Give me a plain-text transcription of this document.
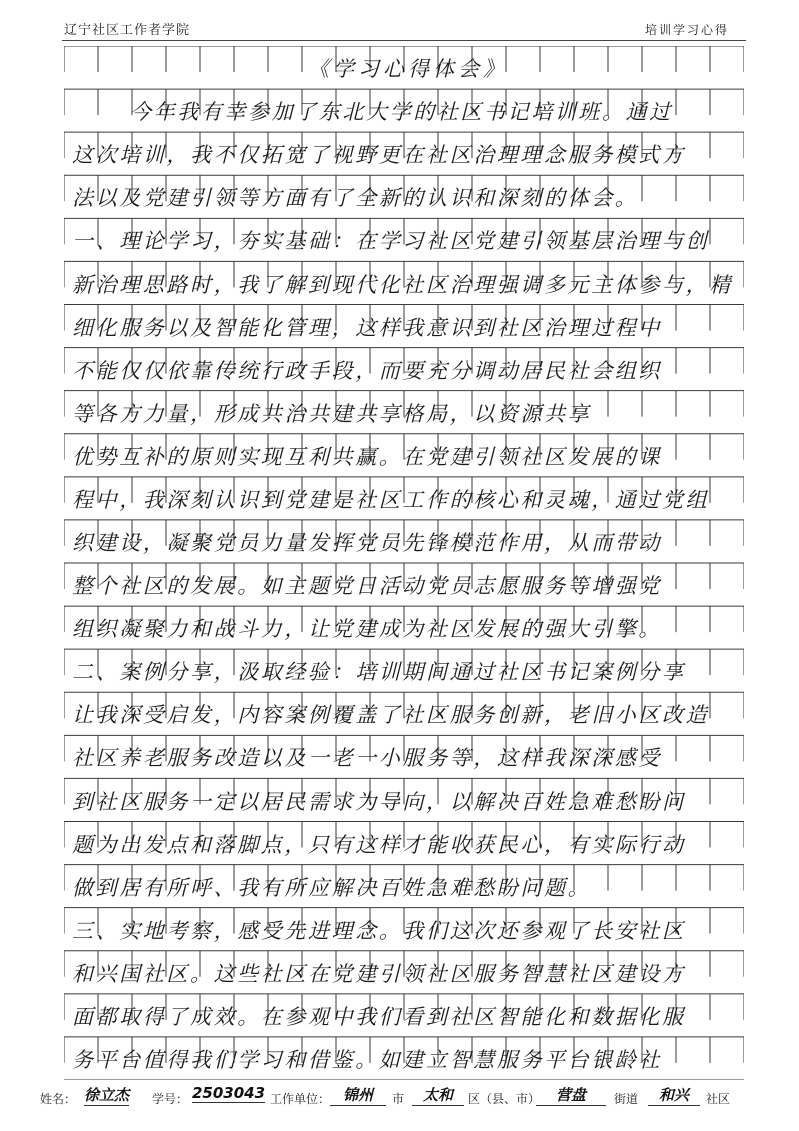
辽宁社区工作者学院	培训学习心得
《学习心得体会》
今年我有幸参加了东北大学的社区书记培训班。通过
这次培训，我不仅拓宽了视野更在社区治理理念服务模式方
法以及党建引领等方面有了全新的认识和深刻的体会。
一、理论学习，夯实基础：在学习社区党建引领基层治理与创
新治理思路时，我了解到现代化社区治理强调多元主体参与，精
细化服务以及智能化管理，这样我意识到社区治理过程中
不能仅仅依靠传统行政手段，而要充分调动居民社会组织
等各方力量，形成共治共建共享格局，以资源共享
优势互补的原则实现互利共赢。在党建引领社区发展的课
程中，我深刻认识到党建是社区工作的核心和灵魂，通过党组
织建设，凝聚党员力量发挥党员先锋模范作用，从而带动
整个社区的发展。如主题党日活动党员志愿服务等增强党
组织凝聚力和战斗力，让党建成为社区发展的强大引擎。
二、案例分享，汲取经验：培训期间通过社区书记案例分享
让我深受启发，内容案例覆盖了社区服务创新，老旧小区改造
社区养老服务改造以及一老一小服务等，这样我深深感受
到社区服务一定以居民需求为导向，以解决百姓急难愁盼问
题为出发点和落脚点，只有这样才能收获民心，有实际行动
做到居有所呼、我有所应解决百姓急难愁盼问题。
三、实地考察，感受先进理念。我们这次还参观了长安社区
和兴国社区。这些社区在党建引领社区服务智慧社区建设方
面都取得了成效。在参观中我们看到社区智能化和数据化服
务平台值得我们学习和借鉴。如建立智慧服务平台银龄社
姓名： 徐立杰 学号： 2503043 工作单位： 锦州	市	太和	区（县、市）	营盘	街道	和兴	社区
